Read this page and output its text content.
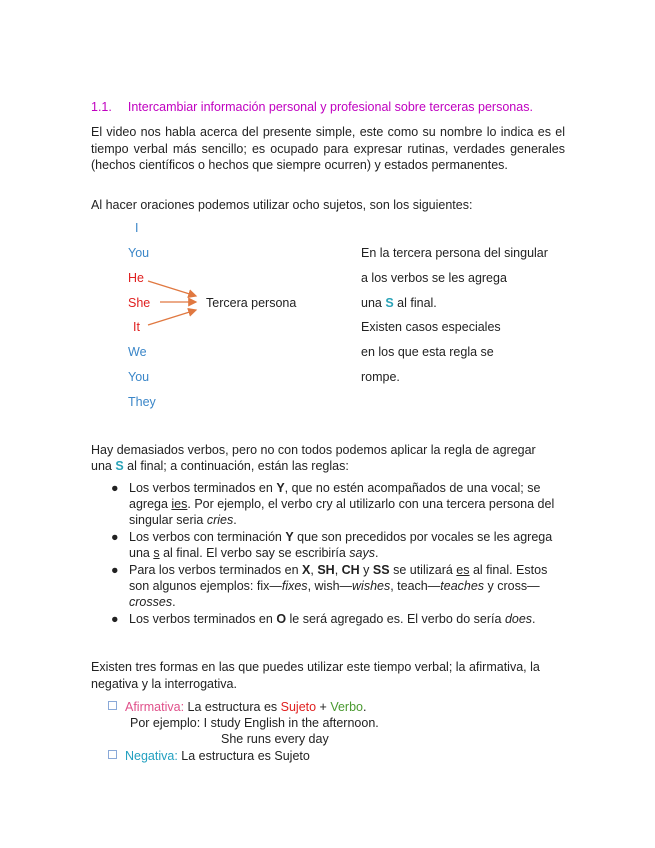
1.1. Intercambiar información personal y profesional sobre terceras personas.
El video nos habla acerca del presente simple, este como su nombre lo indica es el tiempo verbal más sencillo; es ocupado para expresar rutinas, verdades generales (hechos científicos o hechos que siempre ocurren) y estados permanentes.
Al hacer oraciones podemos utilizar ocho sujetos, son los siguientes:
I
You
He
She
It
We
You
They
Tercera persona
En la tercera persona del singular
a los verbos se les agrega
una S al final.
Existen casos especiales
en los que esta regla se
rompe.
Hay demasiados verbos, pero no con todos podemos aplicar la regla de agregar
una S al final; a continuación, están las reglas:
● Los verbos terminados en Y, que no estén acompañados de una vocal; se agrega ies. Por ejemplo, el verbo cry al utilizarlo con una tercera persona del singular seria cries.
● Los verbos con terminación Y que son precedidos por vocales se les agrega una s al final. El verbo say se escribiría says.
● Para los verbos terminados en X, SH, CH y SS se utilizará es al final. Estos son algunos ejemplos: fix—fixes, wish—wishes, teach—teaches y cross—crosses.
● Los verbos terminados en O le será agregado es. El verbo do sería does.
Existen tres formas en las que puedes utilizar este tiempo verbal; la afirmativa, la negativa y la interrogativa.
Afirmativa: La estructura es Sujeto + Verbo.
Por ejemplo: I study English in the afternoon.
She runs every day
Negativa: La estructura es Sujeto
